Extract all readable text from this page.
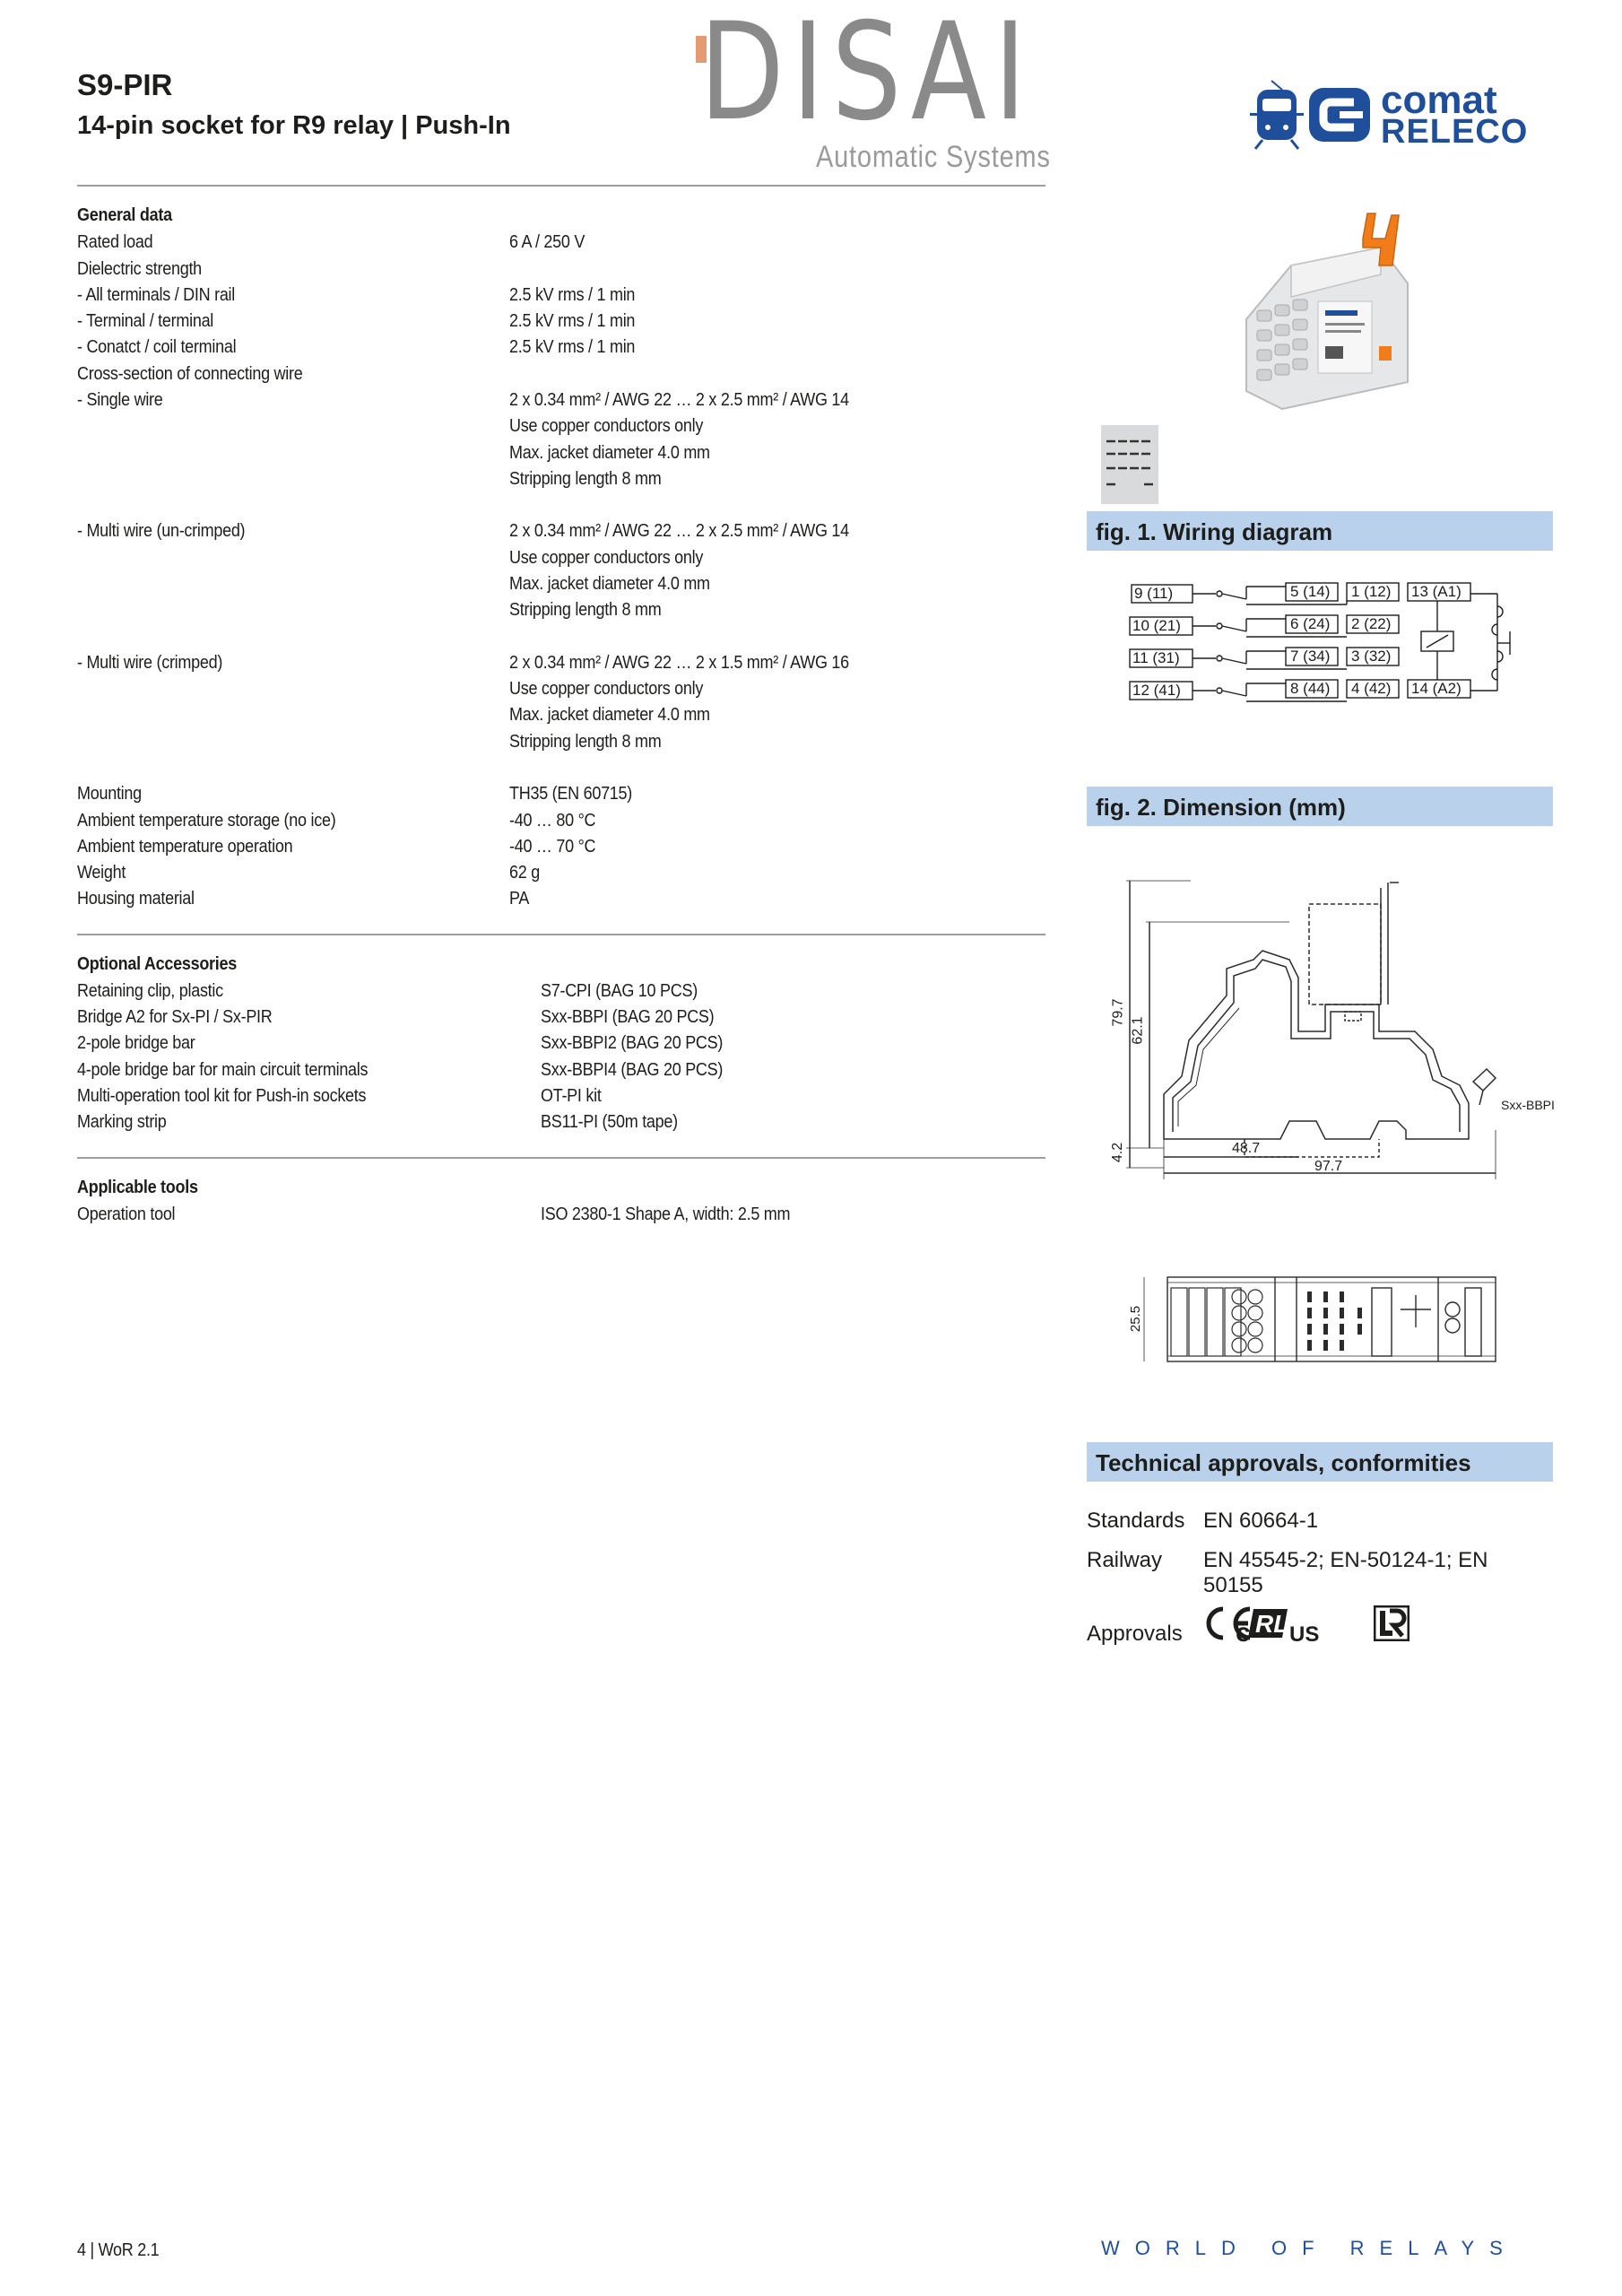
S9-PIR
14-pin socket for R9 relay | Push-In DISAI
Automatic Systems
comat
RELECO
General data
Rated load	6 A / 250 V
Dielectric strength
- All terminals / DIN rail	2.5 kV rms / 1 min
- Terminal / terminal	2.5 kV rms / 1 min
- Conatct / coil terminal	2.5 kV rms / 1 min
Cross-section of connecting wire
- Single wire	2 x 0.34 mm² / AWG 22 … 2 x 2.5 mm² / AWG 14
Use copper conductors only
Max. jacket diameter 4.0 mm
Stripping length 8 mm
- Multi wire (un-crimped)	2 x 0.34 mm² / AWG 22 … 2 x 2.5 mm² / AWG 14
Use copper conductors only
Max. jacket diameter 4.0 mm
Stripping length 8 mm
- Multi wire (crimped)	2 x 0.34 mm² / AWG 22 … 2 x 1.5 mm² / AWG 16
Use copper conductors only
Max. jacket diameter 4.0 mm
Stripping length 8 mm
Mounting	TH35 (EN 60715)
Ambient temperature storage (no ice)	-40 … 80 °C
Ambient temperature operation	-40 … 70 °C
Weight	62 g
Housing material	PA
Optional Accessories
Retaining clip, plastic	S7-CPI (BAG 10 PCS)
Bridge A2 for Sx-PI / Sx-PIR	Sxx-BBPI (BAG 20 PCS)
2-pole bridge bar	Sxx-BBPI2 (BAG 20 PCS)
4-pole bridge bar for main circuit terminals	Sxx-BBPI4 (BAG 20 PCS)
Multi-operation tool kit for Push-in sockets	OT-PI kit
Marking strip	BS11-PI (50m tape)
Applicable tools
Operation tool	ISO 2380-1 Shape A, width: 2.5 mm
fig. 1. Wiring diagram
9 (11)
10 (21)
11 (31)
12 (41)
5 (14)
6 (24)
7 (34)
8 (44)
1 (12)
2 (22)
3 (32)
4 (42)
13 (A1)
14 (A2)
fig. 2. Dimension (mm)
79.7
62.1
4.2	48.7
97.7
Sxx-BBPI
25.5
Technical approvals, conformities
Standards EN 60664-1
Railway EN 45545-2; EN-50124-1; EN
50155
Approvals c RL US
4 | WoR 2.1	WORLD OF RELAYS
